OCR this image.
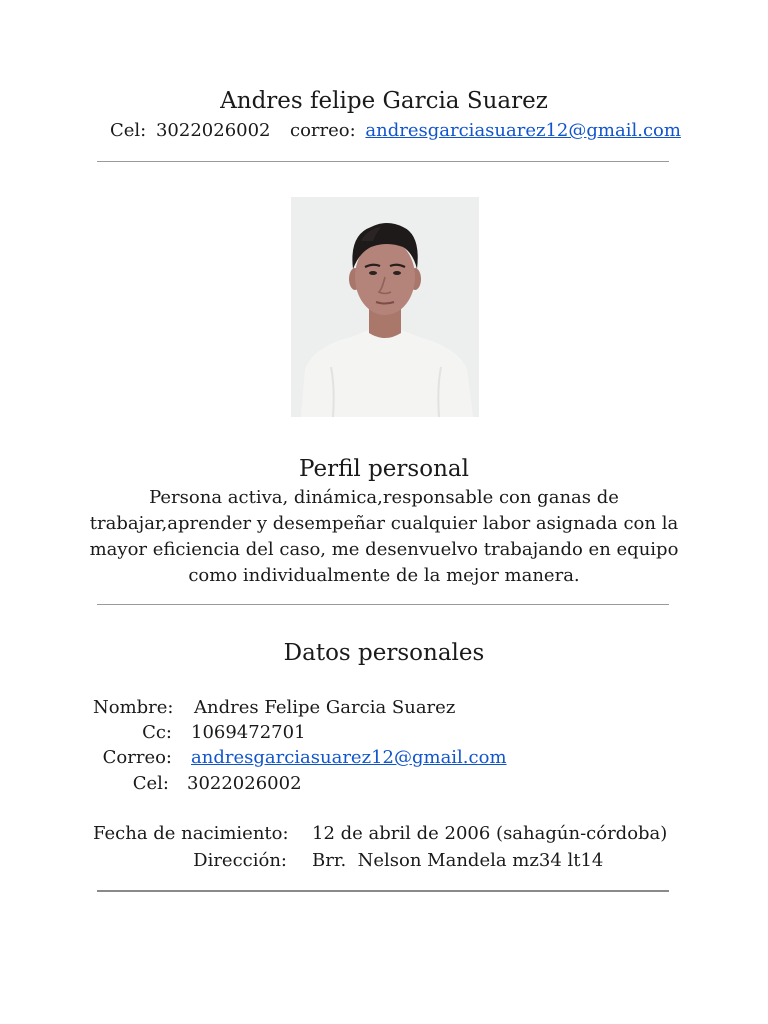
Andres felipe Garcia Suarez
Cel: 3022026002 correo: andresgarciasuarez12@gmail.com
Perfil personal
Persona activa, dinámica,responsable con ganas de trabajar,aprender y desempeñar cualquier labor asignada con la mayor eficiencia del caso, me desenvuelvo trabajando en equipo como individualmente de la mejor manera.
Datos personales
Nombre: Andres Felipe Garcia Suarez
Cc: 1069472701
Correo: andresgarciasuarez12@gmail.com
Cel: 3022026002
Fecha de nacimiento: 12 de abril de 2006 (sahagún-córdoba)
Dirección: Brr.  Nelson Mandela mz34 lt14
